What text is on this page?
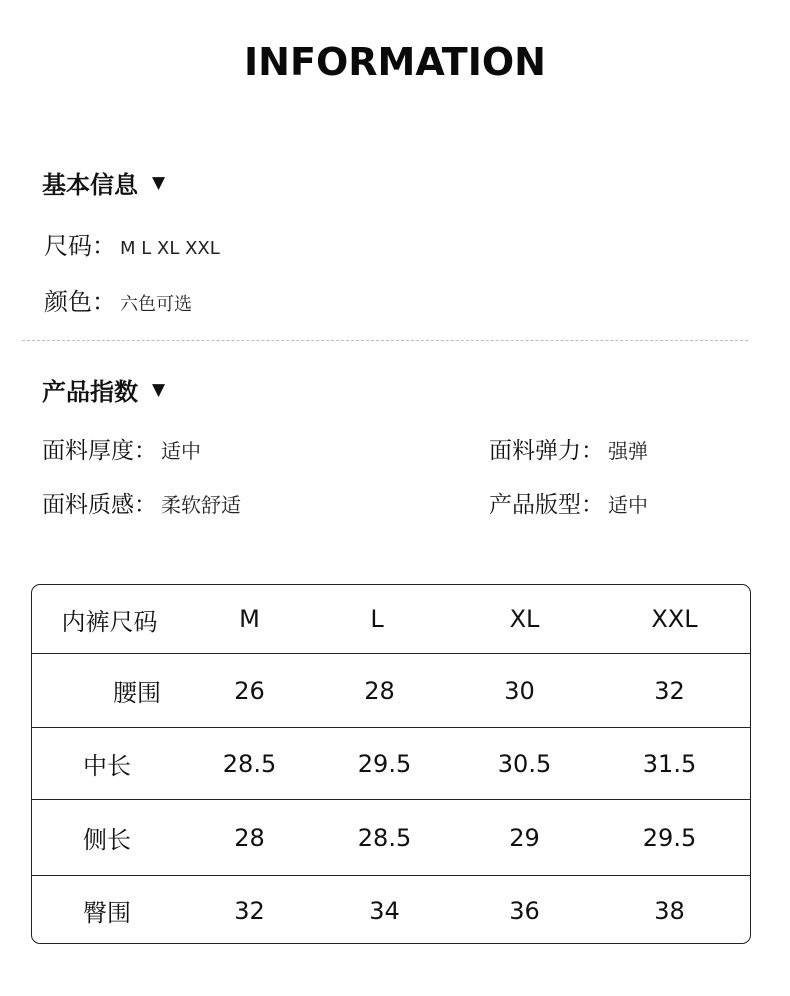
INFORMATION
基本信息 ▼
尺码： M L XL XXL
颜色： 六色可选
产品指数 ▼
面料厚度： 适中	面料弹力： 强弹
面料质感： 柔软舒适	产品版型： 适中
内裤尺码	M	L	XL	XXL
腰围	26	28	30	32
中长	28.5	29.5	30.5	31.5
侧长	28	28.5	29	29.5
臀围	32	34	36	38
